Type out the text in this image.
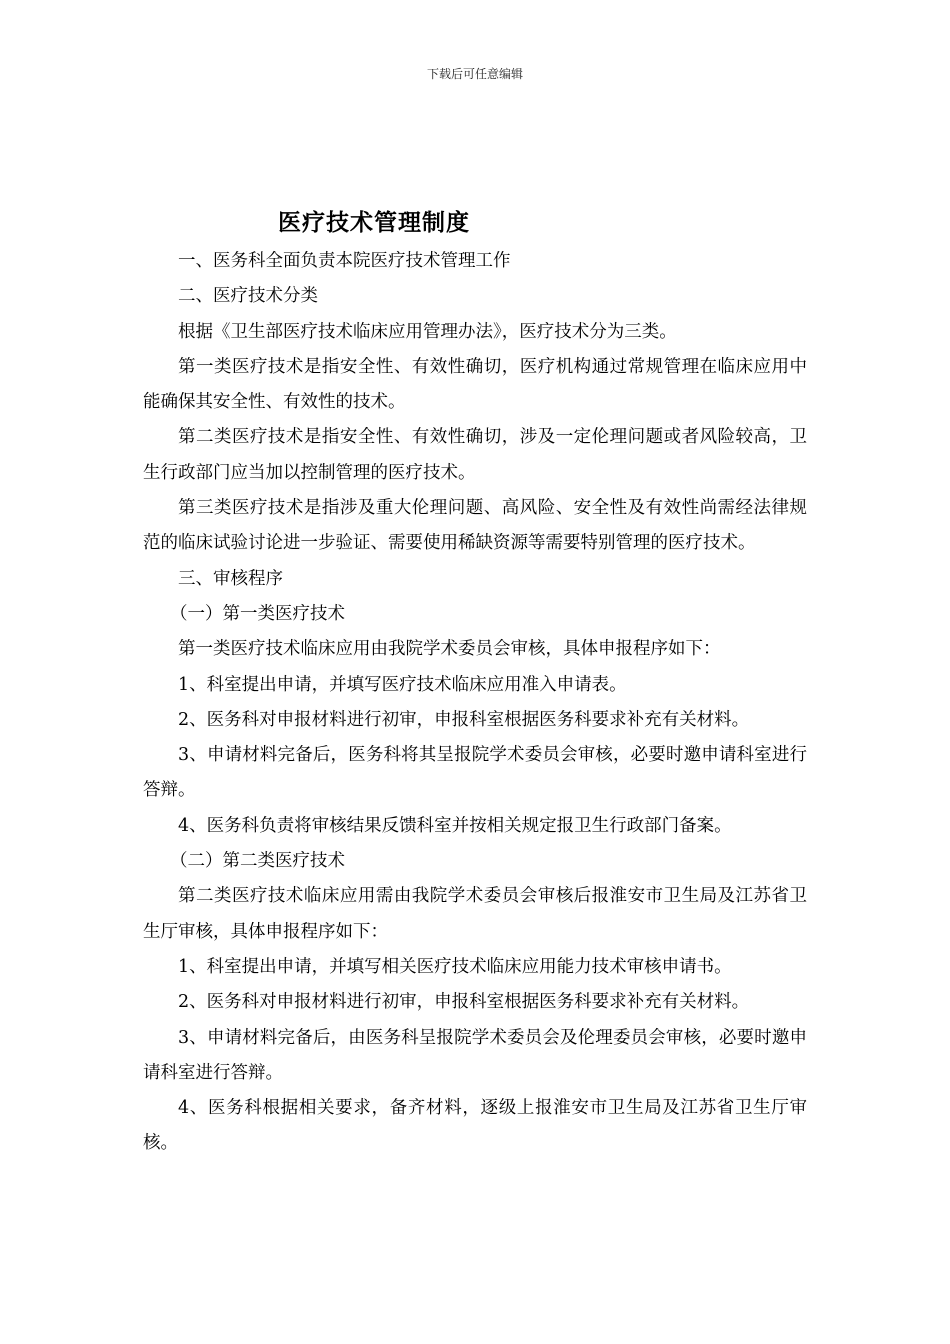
下载后可任意编辑
医疗技术管理制度

一、医务科全面负责本院医疗技术管理工作

二、医疗技术分类

根据《卫生部医疗技术临床应用管理办法》，医疗技术分为三类。

第一类医疗技术是指安全性、有效性确切，医疗机构通过常规管理在临床应用中能确保其安全性、有效性的技术。

第二类医疗技术是指安全性、有效性确切，涉及一定伦理问题或者风险较高，卫生行政部门应当加以控制管理的医疗技术。

第三类医疗技术是指涉及重大伦理问题、高风险、安全性及有效性尚需经法律规范的临床试验讨论进一步验证、需要使用稀缺资源等需要特别管理的医疗技术。

三、审核程序

（一）第一类医疗技术

第一类医疗技术临床应用由我院学术委员会审核，具体申报程序如下：

1、科室提出申请，并填写医疗技术临床应用准入申请表。

2、医务科对申报材料进行初审，申报科室根据医务科要求补充有关材料。

3、申请材料完备后，医务科将其呈报院学术委员会审核，必要时邀申请科室进行答辩。

4、医务科负责将审核结果反馈科室并按相关规定报卫生行政部门备案。

（二）第二类医疗技术

第二类医疗技术临床应用需由我院学术委员会审核后报淮安市卫生局及江苏省卫生厅审核，具体申报程序如下：

1、科室提出申请，并填写相关医疗技术临床应用能力技术审核申请书。

2、医务科对申报材料进行初审，申报科室根据医务科要求补充有关材料。

3、申请材料完备后，由医务科呈报院学术委员会及伦理委员会审核，必要时邀申请科室进行答辩。

4、医务科根据相关要求，备齐材料，逐级上报淮安市卫生局及江苏省卫生厅审核。
